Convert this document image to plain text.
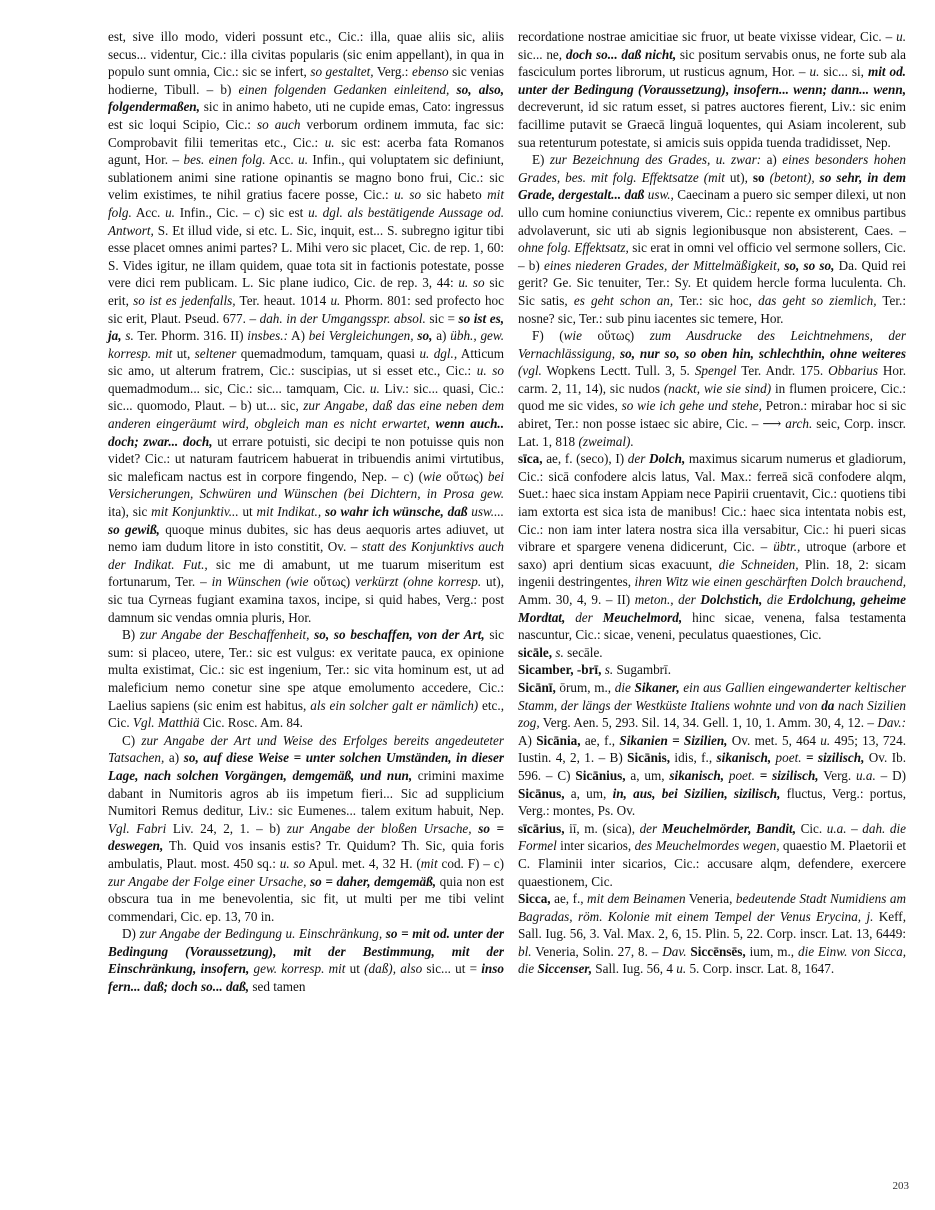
est, sive illo modo, videri possunt etc., Cic.: illa, quae aliis sic, aliis secus... videntur, Cic.: illa civitas popularis (sic enim appellant), in qua in populo sunt omnia, Cic.: sic se infert, so gestaltet, Verg.: ebenso sic venias hodierne, Tibull. – b) einen folgenden Gedanken einleitend, so, also, folgendermaßen, sic in animo habeto, uti ne cupide emas, Cato: ingressus est sic loqui Scipio, Cic.: so auch verborum ordinem immuta, fac sic: Comprobavit filii temeritas etc., Cic.: u. sic est: acerba fata Romanos agunt, Hor. – bes. einen folg. Acc. u. Infin., qui voluptatem sic definiunt, sublationem animi sine ratione opinantis se magno bono frui, Cic.: sic velim existimes, te nihil gratius facere posse, Cic.: u. so sic habeto mit folg. Acc. u. Infin., Cic. – c) sic est u. dgl. als bestätigende Aussage od. Antwort, S. Et illud vide, si etc. L. Sic, inquit, est... S. subregno igitur tibi esse placet omnes animi partes? L. Mihi vero sic placet, Cic. de rep. 1, 60: S. Vides igitur, ne illam quidem, quae tota sit in factionis potestate, posse vere dici rem publicam. L. Sic plane iudico, Cic. de rep. 3, 44: u. so sic erit, so ist es jedenfalls, Ter. heaut. 1014 u. Phorm. 801: sed profecto hoc sic erit, Plaut. Pseud. 677. – dah. in der Umgangsspr. absol. sic = so ist es, ja, s. Ter. Phorm. 316. II) insbes.: A) bei Vergleichungen, so, a) übh., gew. korresp. mit ut, seltener quemadmodum, tamquam, quasi u. dgl., Atticum sic amo, ut alterum fratrem, Cic.: suscipias, ut si esset etc., Cic.: u. so quemadmodum... sic, Cic.: sic... tamquam, Cic. u. Liv.: sic... quasi, Cic.: sic... quomodo, Plaut. – b) ut... sic, zur Angabe, daß das eine neben dem anderen eingeräumt wird, obgleich man es nicht erwartet, wenn auch.. doch; zwar... doch, ut errare potuisti, sic decipi te non potuisse quis non videt? Cic.: ut naturam fautricem habuerat in tribuendis animi virtutibus, sic maleficam nactus est in corpore fingendo, Nep. – c) (wie οὕτως) bei Versicherungen, Schwüren und Wünschen (bei Dichtern, in Prosa gew. ita), sic mit Konjunktiv... ut mit Indikat., so wahr ich wünsche, daß usw.... so gewiß, quoque minus dubites, sic has deus aequoris artes adiuvet, ut nemo iam dudum litore in isto constitit, Ov. – statt des Konjunktivs auch der Indikat. Fut., sic me di amabunt, ut me tuarum miseritum est fortunarum, Ter. – in Wünschen (wie οὕτως) verkürzt (ohne korresp. ut), sic tua Cyrneas fugiant examina taxos, incipe, si quid habes, Verg.: post damnum sic vendas omnia pluris, Hor.

B) zur Angabe der Beschaffenheit, so, so beschaffen, von der Art, sic sum: si placeo, utere, Ter.: sic est vulgus: ex veritate pauca, ex opinione multa existimat, Cic.: sic est ingenium, Ter.: sic vita hominum est, ut ad maleficium nemo conetur sine spe atque emolumento accedere, Cic.: Laelius sapiens (sic enim est habitus, als ein solcher galt er nämlich) etc., Cic. Vgl. Matthiä Cic. Rosc. Am. 84.

C) zur Angabe der Art und Weise des Erfolges bereits angedeuteter Tatsachen, a) so, auf diese Weise = unter solchen Umständen, in dieser Lage, nach solchen Vorgängen, demgemäß, und nun, crimini maxime dabant in Numitoris agros ab iis impetum fieri... Sic ad supplicium Numitori Remus deditur, Liv.: sic Eumenes... talem exitum habuit, Nep. Vgl. Fabri Liv. 24, 2, 1. – b) zur Angabe der bloßen Ursache, so = deswegen, Th. Quid vos insanis estis? Tr. Quidum? Th. Sic, quia foris ambulatis, Plaut. most. 450 sq.: u. so Apul. met. 4, 32 H. (mit cod. F) – c) zur Angabe der Folge einer Ursache, so = daher, demgemäß, quia non est obscura tua in me benevolentia, sic fit, ut multi per me tibi velint commendari, Cic. ep. 13, 70 in.

D) zur Angabe der Bedingung u. Einschränkung, so = mit od. unter der Bedingung (Voraussetzung), mit der Bestimmung, mit der Einschränkung, insofern, gew. korresp. mit ut (daß), also sic... ut = inso fern... daß; doch so... daß, sed tamen

recordatione nostrae amicitiae sic fruor, ut beate vixisse videar, Cic. – u. sic... ne, doch so... daß nicht, sic positum servabis onus, ne forte sub ala fasciculum portes librorum, ut rusticus agnum, Hor. – u. sic... si, mit od. unter der Bedingung (Voraussetzung), insofern... wenn; dann... wenn, decreverunt, id sic ratum esset, si patres auctores fierent, Liv.: sic enim facillime putavit se Graecā linguā loquentes, qui Asiam incolerent, sub sua retenturum potestate, si amicis suis oppida tuenda tradidisset, Nep.

E) zur Bezeichnung des Grades, u. zwar: a) eines besonders hohen Grades, bes. mit folg. Effektsatze (mit ut), so (betont), so sehr, in dem Grade, dergestalt... daß usw., Caecinam a puero sic semper dilexi, ut non ullo cum homine coniunctius viverem, Cic.: repente ex omnibus partibus advolaverunt, sic uti ab signis legionibusque non absisterent, Caes. – ohne folg. Effektsatz, sic erat in omni vel officio vel sermone sollers, Cic. – b) eines niederen Grades, der Mittelmäßigkeit, so, so so, Da. Quid rei gerit? Ge. Sic tenuiter, Ter.: Sy. Et quidem hercle forma luculenta. Ch. Sic satis, es geht schon an, Ter.: sic hoc, das geht so ziemlich, Ter.: nosne? sic, Ter.: sub pinu iacentes sic temere, Hor.

F) (wie οὕτως) zum Ausdrucke des Leichtnehmens, der Vernachlässigung, so, nur so, so oben hin, schlechthin, ohne weiteres (vgl. Wopkens Lectt. Tull. 3, 5. Spengel Ter. Andr. 175. Obbarius Hor. carm. 2, 11, 14), sic nudos (nackt, wie sie sind) in flumen proicere, Cic.: quod me sic vides, so wie ich gehe und stehe, Petron.: mirabar hoc si sic abiret, Ter.: non posse istaec sic abire, Cic. – ⟶ arch. seic, Corp. inscr. Lat. 1, 818 (zweimal).

sīca, ae, f. (seco), I) der Dolch, maximus sicarum numerus et gladiorum, Cic.: sicā confodere alcis latus, Val. Max.: ferreā sicā confodere alqm, Suet.: haec sica instam Appiam nece Papirii cruentavit, Cic.: quotiens tibi iam extorta est sica ista de manibus! Cic.: haec sica intentata nobis est, Cic.: non iam inter latera nostra sica illa versabitur, Cic.: hi pueri sicas vibrare et spargere venena didicerunt, Cic. – übtr., utroque (arbore et saxo) apri dentium sicas exacuunt, die Schneiden, Plin. 18, 2: sicam ingenii destringentes, ihren Witz wie einen geschärften Dolch brauchend, Amm. 30, 4, 9. – II) meton., der Dolchstich, die Erdolchung, geheime Mordtat, der Meuchelmord, hinc sicae, venena, falsa testamenta nascuntur, Cic.: sicae, veneni, peculatus quaestiones, Cic.

sicāle, s. secāle.

Sicamber, -brī, s. Sugambrī.

Sicānī, ōrum, m., die Sikaner, ein aus Gallien eingewanderter keltischer Stamm, der längs der Westküste Italiens wohnte und von da nach Sizilien zog, Verg. Aen. 5, 293. Sil. 14, 34. Gell. 1, 10, 1. Amm. 30, 4, 12. – Dav.: A) Sicānia, ae, f., Sikanien = Sizilien, Ov. met. 5, 464 u. 495; 13, 724. Iustin. 4, 2, 1. – B) Sicānis, idis, f., sikanisch, poet. = sizilisch, Ov. Ib. 596. – C) Sicānius, a, um, sikanisch, poet. = sizilisch, Verg. u.a. – D) Sicānus, a, um, in, aus, bei Sizilien, sizilisch, fluctus, Verg.: portus, Verg.: montes, Ps. Ov.

sīcārius, iī, m. (sica), der Meuchelmörder, Bandit, Cic. u.a. – dah. die Formel inter sicarios, des Meuchelmordes wegen, quaestio M. Plaetorii et C. Flaminii inter sicarios, Cic.: accusare alqm, defendere, exercere quaestionem, Cic.

Sicca, ae, f., mit dem Beinamen Veneria, bedeutende Stadt Numidiens am Bagradas, röm. Kolonie mit einem Tempel der Venus Erycina, j. Keff, Sall. Iug. 56, 3. Val. Max. 2, 6, 15. Plin. 5, 22. Corp. inscr. Lat. 13, 6449: bl. Veneria, Solin. 27, 8. – Dav. Siccēnsēs, ium, m., die Einw. von Sicca, die Siccenser, Sall. Iug. 56, 4 u. 5. Corp. inscr. Lat. 8, 1647.

203
